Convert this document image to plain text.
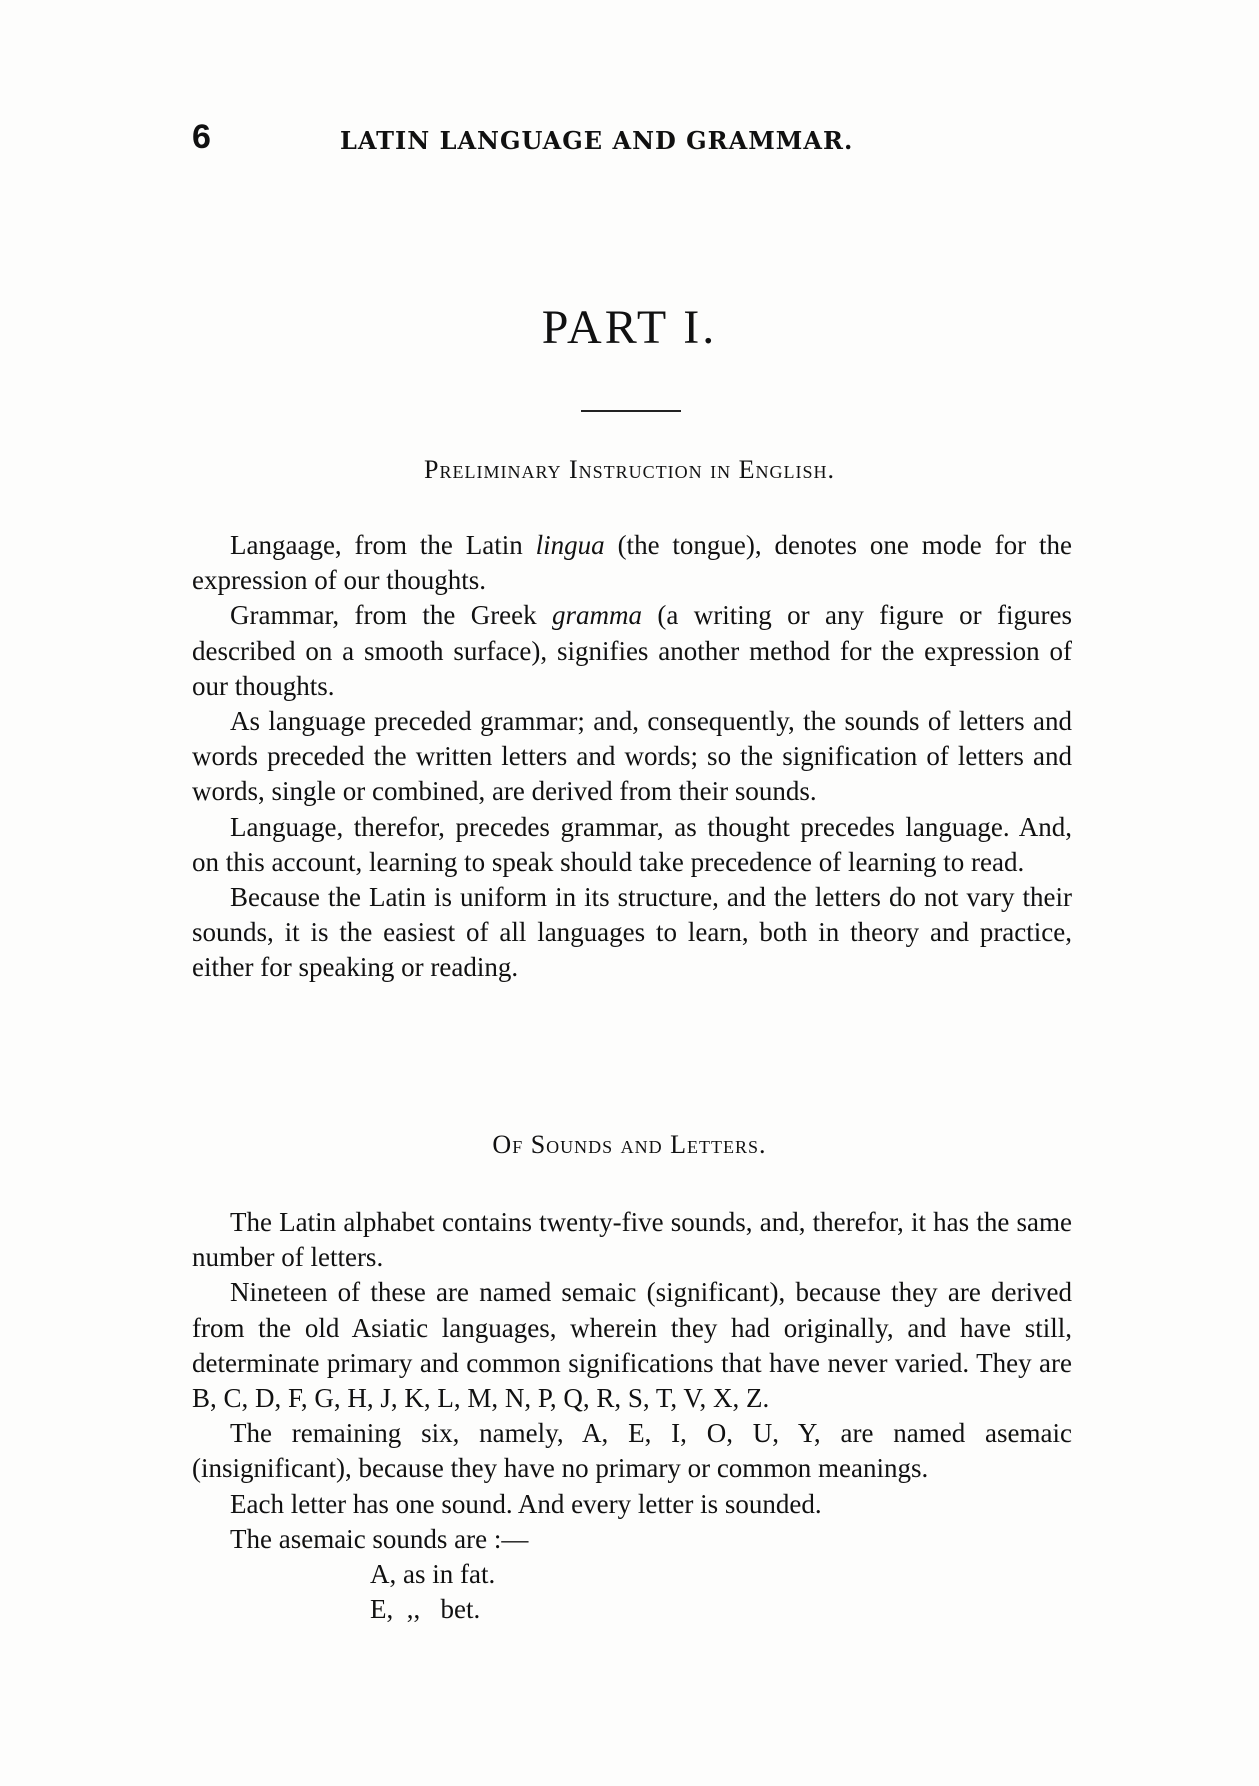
6	LATIN LANGUAGE AND GRAMMAR.
PART I.
Preliminary Instruction in English.

Langaage, from the Latin lingua (the tongue), denotes one mode for the expression of our thoughts.

Grammar, from the Greek gramma (a writing or any figure or figures described on a smooth surface), signifies another method for the expression of our thoughts.

As language preceded grammar; and, consequently, the sounds of letters and words preceded the written letters and words; so the signification of letters and words, single or combined, are derived from their sounds.

Language, therefor, precedes grammar, as thought precedes language. And, on this account, learning to speak should take precedence of learning to read.

Because the Latin is uniform in its structure, and the letters do not vary their sounds, it is the easiest of all languages to learn, both in theory and practice, either for speaking or reading.

Of Sounds and Letters.

The Latin alphabet contains twenty-five sounds, and, therefor, it has the same number of letters.

Nineteen of these are named semaic (significant), because they are derived from the old Asiatic languages, wherein they had originally, and have still, determinate primary and common significations that have never varied. They are B, C, D, F, G, H, J, K, L, M, N, P, Q, R, S, T, V, X, Z.

The remaining six, namely, A, E, I, O, U, Y, are named asemaic (insignificant), because they have no primary or common meanings.

Each letter has one sound. And every letter is sounded.

The asemaic sounds are :—

A, as in fat.

E,  ,,   bet.
